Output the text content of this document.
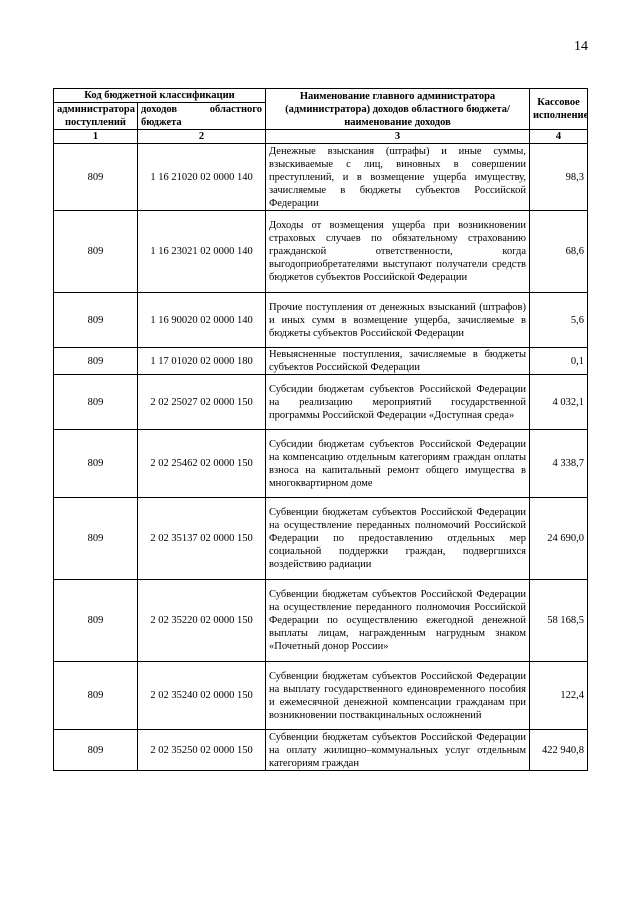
14
Код бюджетной классификации		Наименование главного администратора (администратора) доходов областного бюджета/ наименование доходов	Кассовое исполнение
администратора поступлений	доходов областного бюджета		
1	2	3	4
809	1 16 21020 02 0000 140	Денежные взыскания (штрафы) и иные суммы, взыскиваемые с лиц, виновных в совершении преступлений, и в возмещение ущерба имуществу, зачисляемые в бюджеты субъектов Российской Федерации	98,3
809	1 16 23021 02 0000 140	Доходы от возмещения ущерба при возникновении страховых случаев по обязательному страхованию гражданской ответственности, когда выгодоприобретателями выступают получатели средств бюджетов субъектов Российской Федерации	68,6
809	1 16 90020 02 0000 140	Прочие поступления от денежных взысканий (штрафов) и иных сумм в возмещение ущерба, зачисляемые в бюджеты субъектов Российской Федерации	5,6
809	1 17 01020 02 0000 180	Невыясненные поступления, зачисляемые в бюджеты субъектов Российской Федерации	0,1
809	2 02 25027 02 0000 150	Субсидии бюджетам субъектов Российской Федерации на реализацию мероприятий государственной программы Российской Федерации «Доступная среда»	4 032,1
809	2 02 25462 02 0000 150	Субсидии бюджетам субъектов Российской Федерации на компенсацию отдельным категориям граждан оплаты взноса на капитальный ремонт общего имущества в многоквартирном доме	4 338,7
809	2 02 35137 02 0000 150	Субвенции бюджетам субъектов Российской Федерации на осуществление переданных полномочий Российской Федерации по предоставлению отдельных мер социальной поддержки граждан, подвергшихся воздействию радиации	24 690,0
809	2 02 35220 02 0000 150	Субвенции бюджетам субъектов Российской Федерации на осуществление переданного полномочия Российской Федерации по осуществлению ежегодной денежной выплаты лицам, награжденным нагрудным знаком «Почетный донор России»	58 168,5
809	2 02 35240 02 0000 150	Субвенции бюджетам субъектов Российской Федерации на выплату государственного единовременного пособия и ежемесячной денежной компенсации гражданам при возникновении поствакцинальных осложнений	122,4
809	2 02 35250 02 0000 150	Субвенции бюджетам субъектов Российской Федерации на оплату жилищно–коммунальных услуг отдельным категориям граждан	422 940,8
